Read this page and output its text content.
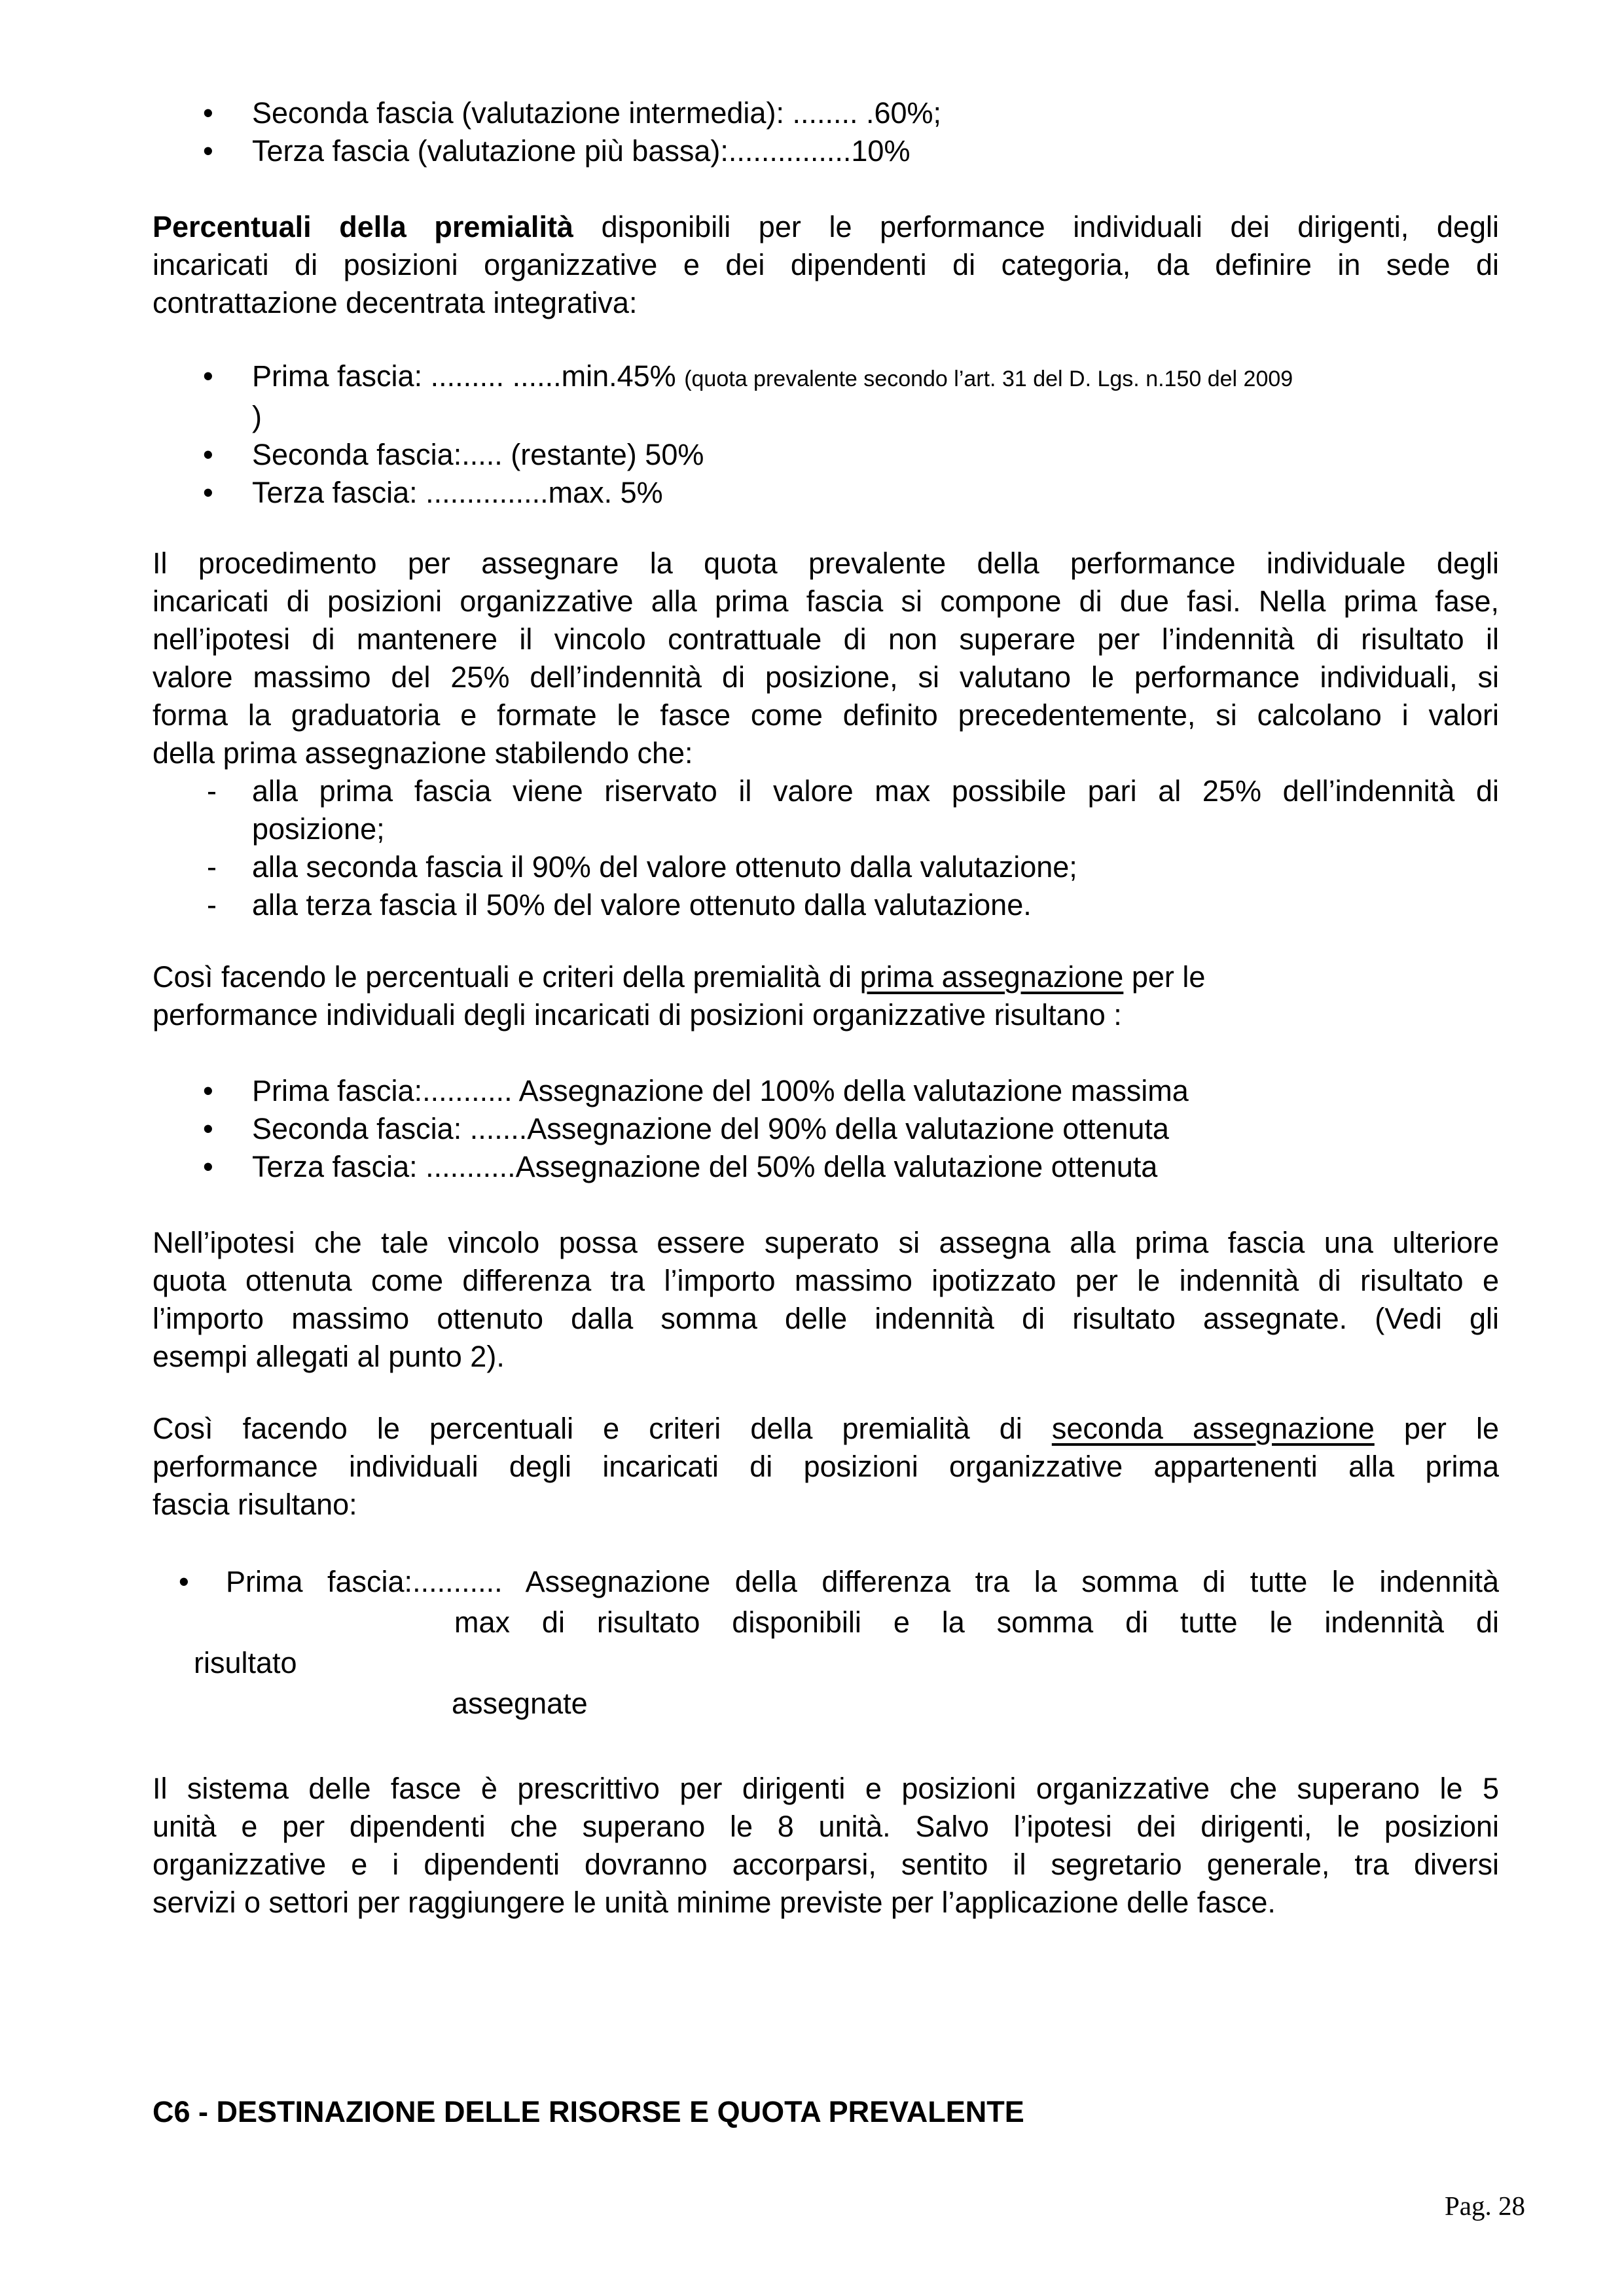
•	Seconda fascia (valutazione intermedia): ........ .60%;
•	Terza fascia (valutazione più bassa):...............10%
Percentuali della premialità disponibili per le performance individuali dei dirigenti, degli
incaricati di posizioni organizzative e dei dipendenti di categoria, da definire in sede di
contrattazione decentrata integrativa:
•	Prima fascia: ......... ......min.45% (quota prevalente secondo l’art. 31 del D. Lgs. n.150 del 2009
)
•	Seconda fascia:..... (restante) 50%
•	Terza fascia: ...............max. 5%
Il procedimento per assegnare la quota prevalente della performance individuale degli
incaricati di posizioni organizzative alla prima fascia si compone di due fasi. Nella prima fase,
nell’ipotesi di mantenere il vincolo contrattuale di non superare per l’indennità di risultato il
valore massimo del 25% dell’indennità di posizione, si valutano le performance individuali, si
forma la graduatoria e formate le fasce come definito precedentemente, si calcolano i valori
della prima assegnazione stabilendo che:
-	alla prima fascia viene riservato il valore max possibile pari al 25% dell’indennità di
posizione;
-	alla seconda fascia il 90% del valore ottenuto dalla valutazione;
-	alla terza fascia il 50% del valore ottenuto dalla valutazione.
Così facendo le percentuali e criteri della premialità di prima assegnazione per le
performance individuali degli incaricati di posizioni organizzative risultano :
•	Prima fascia:........... Assegnazione del 100% della valutazione massima
•	Seconda fascia: .......Assegnazione del 90% della valutazione ottenuta
•	Terza fascia: ...........Assegnazione del 50% della valutazione ottenuta
Nell’ipotesi che tale vincolo possa essere superato si assegna alla prima fascia una ulteriore
quota ottenuta come differenza tra l’importo massimo ipotizzato per le indennità di risultato e
l’importo massimo ottenuto dalla somma delle indennità di risultato assegnate. (Vedi gli
esempi allegati al punto 2).
Così facendo le percentuali e criteri della premialità di seconda assegnazione per le
performance individuali degli incaricati di posizioni organizzative appartenenti alla prima
fascia risultano:
• Prima fascia:........... Assegnazione della differenza tra la somma di tutte le indennità
max di risultato disponibili e la somma di tutte le indennità di
risultato
assegnate
Il sistema delle fasce è prescrittivo per dirigenti e posizioni organizzative che superano le 5
unità e per dipendenti che superano le 8 unità. Salvo l’ipotesi dei dirigenti, le posizioni
organizzative e i dipendenti dovranno accorparsi, sentito il segretario generale, tra diversi
servizi o settori per raggiungere le unità minime previste per l’applicazione delle fasce.
C6 - DESTINAZIONE DELLE RISORSE E QUOTA PREVALENTE
Pag. 28
